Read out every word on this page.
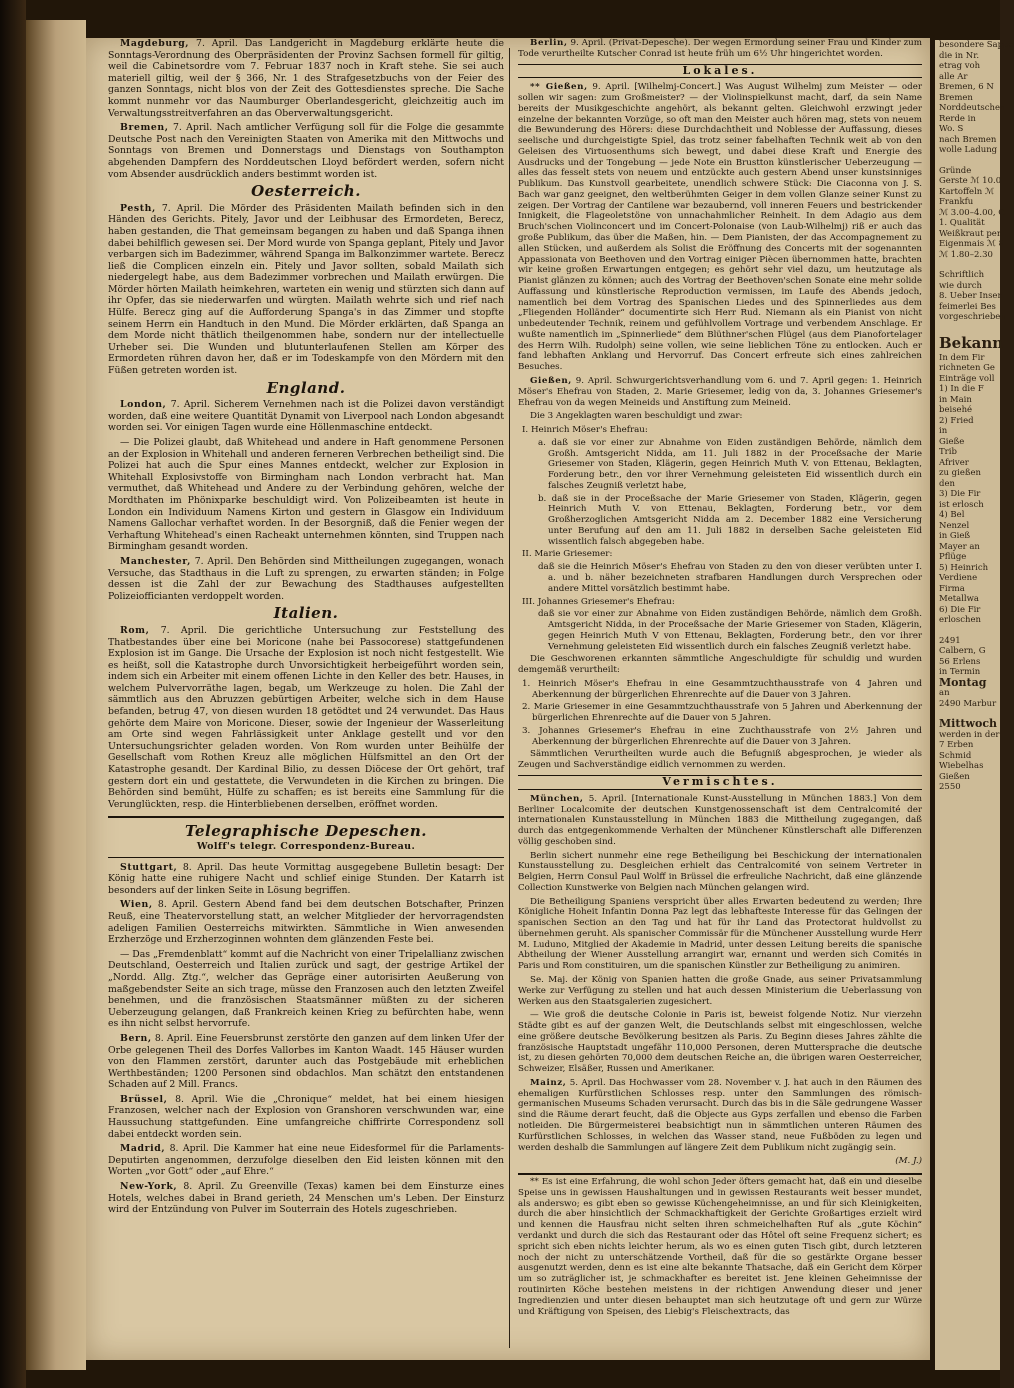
Magdeburg, 7. April. Das Landgericht in Magdeburg erklärte heute die Sonntags-Verordnung des Oberpräsidenten der Provinz Sachsen formell für giltig, weil die Cabinetsordre vom 7. Februar 1837 noch in Kraft stehe. Sie sei auch materiell giltig, weil der § 366, Nr. 1 des Strafgesetzbuchs von der Feier des ganzen Sonntags, nicht blos von der Zeit des Gottesdienstes spreche. Die Sache kommt nunmehr vor das Naumburger Oberlandesgericht, gleichzeitig auch im Verwaltungsstreitverfahren an das Oberverwaltungsgericht.

Bremen, 7. April. Nach amtlicher Verfügung soll für die Folge die gesammte Deutsche Post nach den Vereinigten Staaten von Amerika mit den Mittwochs und Sonntags von Bremen und Donnerstags und Dienstags von Southampton abgehenden Dampfern des Norddeutschen Lloyd befördert werden, sofern nicht vom Absender ausdrücklich anders bestimmt worden ist.

Oesterreich.

Pesth, 7. April. Die Mörder des Präsidenten Mailath befinden sich in den Händen des Gerichts. Pitely, Javor und der Leibhusar des Ermordeten, Berecz, haben gestanden, die That gemeinsam begangen zu haben und daß Spanga ihnen dabei behilflich gewesen sei. Der Mord wurde von Spanga geplant, Pitely und Javor verbargen sich im Badezimmer, während Spanga im Balkonzimmer wartete. Berecz ließ die Complicen einzeln ein. Pitely und Javor sollten, sobald Mailath sich niedergelegt habe, aus dem Badezimmer vorbrechen und Mailath erwürgen. Die Mörder hörten Mailath heimkehren, warteten ein wenig und stürzten sich dann auf ihr Opfer, das sie niederwarfen und würgten. Mailath wehrte sich und rief nach Hülfe. Berecz ging auf die Aufforderung Spanga's in das Zimmer und stopfte seinem Herrn ein Handtuch in den Mund. Die Mörder erklärten, daß Spanga an dem Morde nicht thätlich theilgenommen habe, sondern nur der intellectuelle Urheber sei. Die Wunden und blutunterlaufenen Stellen am Körper des Ermordeten rühren davon her, daß er im Todeskampfe von den Mördern mit den Füßen getreten worden ist.

England.

London, 7. April. Sicherem Vernehmen nach ist die Polizei davon verständigt worden, daß eine weitere Quantität Dynamit von Liverpool nach London abgesandt worden sei. Vor einigen Tagen wurde eine Höllenmaschine entdeckt.

— Die Polizei glaubt, daß Whitehead und andere in Haft genommene Personen an der Explosion in Whitehall und anderen ferneren Verbrechen betheiligt sind. Die Polizei hat auch die Spur eines Mannes entdeckt, welcher zur Explosion in Whitehall Explosivstoffe von Birmingham nach London verbracht hat. Man vermuthet, daß Whitehead und Andere zu der Verbindung gehören, welche der Mordthaten im Phönixparke beschuldigt wird. Von Polizeibeamten ist heute in London ein Individuum Namens Kirton und gestern in Glasgow ein Individuum Namens Gallochar verhaftet worden. In der Besorgniß, daß die Fenier wegen der Verhaftung Whitehead's einen Racheakt unternehmen könnten, sind Truppen nach Birmingham gesandt worden.

Manchester, 7. April. Den Behörden sind Mittheilungen zugegangen, wonach Versuche, das Stadthaus in die Luft zu sprengen, zu erwarten ständen; in Folge dessen ist die Zahl der zur Bewachung des Stadthauses aufgestellten Polizeiofficianten verdoppelt worden.

Italien.

Rom, 7. April. Die gerichtliche Untersuchung zur Feststellung des Thatbestandes über eine bei Moricone (nahe bei Passocorese) stattgefundenen Explosion ist im Gange. Die Ursache der Explosion ist noch nicht festgestellt. Wie es heißt, soll die Katastrophe durch Unvorsichtigkeit herbeigeführt worden sein, indem sich ein Arbeiter mit einem offenen Lichte in den Keller des betr. Hauses, in welchem Pulvervorräthe lagen, begab, um Werkzeuge zu holen. Die Zahl der sämmtlich aus den Abruzzen gebürtigen Arbeiter, welche sich in dem Hause befanden, betrug 47, von diesen wurden 18 getödtet und 24 verwundet. Das Haus gehörte dem Maire von Moricone. Dieser, sowie der Ingenieur der Wasserleitung am Orte sind wegen Fahrlässigkeit unter Anklage gestellt und vor den Untersuchungsrichter geladen worden. Von Rom wurden unter Beihülfe der Gesellschaft vom Rothen Kreuz alle möglichen Hülfsmittel an den Ort der Katastrophe gesandt. Der Kardinal Bilio, zu dessen Diöcese der Ort gehört, traf gestern dort ein und gestattete, die Verwundeten in die Kirchen zu bringen. Die Behörden sind bemüht, Hülfe zu schaffen; es ist bereits eine Sammlung für die Verunglückten, resp. die Hinterbliebenen derselben, eröffnet worden.

Telegraphische Depeschen.
Wolff's telegr. Correspondenz-Bureau.

Stuttgart, 8. April. Das heute Vormittag ausgegebene Bulletin besagt: Der König hatte eine ruhigere Nacht und schlief einige Stunden. Der Katarrh ist besonders auf der linken Seite in Lösung begriffen.

Wien, 8. April. Gestern Abend fand bei dem deutschen Botschafter, Prinzen Reuß, eine Theatervorstellung statt, an welcher Mitglieder der hervorragendsten adeligen Familien Oesterreichs mitwirkten. Sämmtliche in Wien anwesenden Erzherzöge und Erzherzoginnen wohnten dem glänzenden Feste bei.

— Das „Fremdenblatt“ kommt auf die Nachricht von einer Tripelallianz zwischen Deutschland, Oesterreich und Italien zurück und sagt, der gestrige Artikel der „Nordd. Allg. Ztg.“, welcher das Gepräge einer autorisirten Aeußerung von maßgebendster Seite an sich trage, müsse den Franzosen auch den letzten Zweifel benehmen, und die französischen Staatsmänner müßten zu der sicheren Ueberzeugung gelangen, daß Frankreich keinen Krieg zu befürchten habe, wenn es ihn nicht selbst hervorrufe.

Bern, 8. April. Eine Feuersbrunst zerstörte den ganzen auf dem linken Ufer der Orbe gelegenen Theil des Dorfes Vallorbes im Kanton Waadt. 145 Häuser wurden von den Flammen zerstört, darunter auch das Postgebäude mit erheblichen Werthbeständen; 1200 Personen sind obdachlos. Man schätzt den entstandenen Schaden auf 2 Mill. Francs.

Brüssel, 8. April. Wie die „Chronique“ meldet, hat bei einem hiesigen Franzosen, welcher nach der Explosion von Granshoren verschwunden war, eine Haussuchung stattgefunden. Eine umfangreiche chiffrirte Correspondenz soll dabei entdeckt worden sein.

Madrid, 8. April. Die Kammer hat eine neue Eidesformel für die Parlaments-Deputirten angenommen, derzufolge dieselben den Eid leisten können mit den Worten „vor Gott“ oder „auf Ehre.“

New-York, 8. April. Zu Greenville (Texas) kamen bei dem Einsturze eines Hotels, welches dabei in Brand gerieth, 24 Menschen um's Leben. Der Einsturz wird der Entzündung von Pulver im Souterrain des Hotels zugeschrieben.

Berlin, 9. April. (Privat-Depesche). Der wegen Ermordung seiner Frau und Kinder zum Tode verurtheilte Kutscher Conrad ist heute früh um 6½ Uhr hingerichtet worden.

Lokales.

** Gießen, 9. April. [Wilhelmj-Concert.] Was August Wilhelmj zum Meister — oder sollen wir sagen: zum Großmeister? — der Violinspielkunst macht, darf, da sein Name bereits der Musikgeschichte angehört, als bekannt gelten. Gleichwohl erzwingt jeder einzelne der bekannten Vorzüge, so oft man den Meister auch hören mag, stets von neuem die Bewunderung des Hörers: diese Durchdachtheit und Noblesse der Auffassung, dieses seelische und durchgeistigte Spiel, das trotz seiner fabelhaften Technik weit ab von den Geleisen des Virtuosenthums sich bewegt, und dabei diese Kraft und Energie des Ausdrucks und der Tongebung — jede Note ein Brustton künstlerischer Ueberzeugung — alles das fesselt stets von neuem und entzückte auch gestern Abend unser kunstsinniges Publikum. Das Kunstvoll gearbeitete, unendlich schwere Stück: Die Ciaconna von J. S. Bach war ganz geeignet, den weltberühmten Geiger in dem vollen Glanze seiner Kunst zu zeigen. Der Vortrag der Cantilene war bezaubernd, voll inneren Feuers und bestrickender Innigkeit, die Flageoletstöne von unnachahmlicher Reinheit. In dem Adagio aus dem Bruch'schen Violinconcert und im Concert-Polonaise (von Laub-Wilhelmj) riß er auch das große Publikum, das über die Maßen, hin. — Dem Pianisten, der das Accompagnement zu allen Stücken, und außerdem als Solist die Eröffnung des Concerts mit der sogenannten Appassionata von Beethoven und den Vortrag einiger Piècen übernommen hatte, brachten wir keine großen Erwartungen entgegen; es gehört sehr viel dazu, um heutzutage als Pianist glänzen zu können; auch des Vortrag der Beethoven'schen Sonate eine mehr solide Auffassung und künstlerische Reproduction vermissen, im Laufe des Abends jedoch, namentlich bei dem Vortrag des Spanischen Liedes und des Spinnerliedes aus dem „Fliegenden Holländer“ documentirte sich Herr Rud. Niemann als ein Pianist von nicht unbedeutender Technik, reinem und gefühlvollem Vortrage und verbendem Anschlage. Er wußte namentlich im „Spinnerliede“ dem Blüthner'schen Flügel (aus dem Pianofortelager des Herrn Wilh. Rudolph) seine vollen, wie seine lieblichen Töne zu entlocken. Auch er fand lebhaften Anklang und Hervorruf. Das Concert erfreute sich eines zahlreichen Besuches.

Gießen, 9. April. Schwurgerichtsverhandlung vom 6. und 7. April gegen: 1. Heinrich Möser's Ehefrau von Staden, 2. Marie Griesemer, ledig von da, 3. Johannes Griesemer's Ehefrau von da wegen Meineids und Anstiftung zum Meineid.

Die 3 Angeklagten waren beschuldigt und zwar:

I. Heinrich Möser's Ehefrau:
a. daß sie vor einer zur Abnahme von Eiden zuständigen Behörde, nämlich dem Großh. Amtsgericht Nidda, am 11. Juli 1882 in der Proceßsache der Marie Griesemer von Staden, Klägerin, gegen Heinrich Muth V. von Ettenau, Beklagten, Forderung betr., den vor ihrer Vernehmung geleisteten Eid wissentlich durch ein falsches Zeugniß verletzt habe,
b. daß sie in der Proceßsache der Marie Griesemer von Staden, Klägerin, gegen Heinrich Muth V. von Ettenau, Beklagten, Forderung betr., vor dem Großherzoglichen Amtsgericht Nidda am 2. December 1882 eine Versicherung unter Berufung auf den am 11. Juli 1882 in derselben Sache geleisteten Eid wissentlich falsch abgegeben habe.
II. Marie Griesemer:
daß sie die Heinrich Möser's Ehefrau von Staden zu den von dieser verübten unter I. a. und b. näher bezeichneten strafbaren Handlungen durch Versprechen oder andere Mittel vorsätzlich bestimmt habe.
III. Johannes Griesemer's Ehefrau:
daß sie vor einer zur Abnahme von Eiden zuständigen Behörde, nämlich dem Großh. Amtsgericht Nidda, in der Proceßsache der Marie Griesemer von Staden, Klägerin, gegen Heinrich Muth V von Ettenau, Beklagten, Forderung betr., den vor ihrer Vernehmung geleisteten Eid wissentlich durch ein falsches Zeugniß verletzt habe.

Die Geschworenen erkannten sämmtliche Angeschuldigte für schuldig und wurden demgemäß verurtheilt:

1. Heinrich Möser's Ehefrau in eine Gesammtzuchthausstrafe von 4 Jahren und Aberkennung der bürgerlichen Ehrenrechte auf die Dauer von 3 Jahren.
2. Marie Griesemer in eine Gesammtzuchthausstrafe von 5 Jahren und Aberkennung der bürgerlichen Ehrenrechte auf die Dauer von 5 Jahren.
3. Johannes Griesemer's Ehefrau in eine Zuchthausstrafe von 2½ Jahren und Aberkennung der bürgerlichen Ehrenrechte auf die Dauer von 3 Jahren.

Sämmtlichen Verurtheilten wurde auch die Befugniß abgesprochen, je wieder als Zeugen und Sachverständige eidlich vernommen zu werden.

Vermischtes.

München, 5. April. [Internationale Kunst-Ausstellung in München 1883.] Von dem Berliner Localcomite der deutschen Kunstgenossenschaft ist dem Centralcomité der internationalen Kunstausstellung in München 1883 die Mittheilung zugegangen, daß durch das entgegenkommende Verhalten der Münchener Künstlerschaft alle Differenzen völlig geschoben sind.

Berlin sichert nunmehr eine rege Betheiligung bei Beschickung der internationalen Kunstausstellung zu. Desgleichen erhielt das Centralcomité von seinem Vertreter in Belgien, Herrn Consul Paul Wolff in Brüssel die erfreuliche Nachricht, daß eine glänzende Collection Kunstwerke von Belgien nach München gelangen wird.

Die Betheiligung Spaniens verspricht über alles Erwarten bedeutend zu werden; Ihre Königliche Hoheit Infantin Donna Paz legt das lebhafteste Interesse für das Gelingen der spanischen Section an den Tag und hat für ihr Land das Protectorat huldvollst zu übernehmen geruht. Als spanischer Commissär für die Münchener Ausstellung wurde Herr M. Luduno, Mitglied der Akademie in Madrid, unter dessen Leitung bereits die spanische Abtheilung der Wiener Ausstellung arrangirt war, ernannt und werden sich Comités in Paris und Rom constituiren, um die spanischen Künstler zur Betheiligung zu animiren.

Se. Maj. der König von Spanien hatten die große Gnade, aus seiner Privatsammlung Werke zur Verfügung zu stellen und hat auch dessen Ministerium die Ueberlassung von Werken aus den Staatsgalerien zugesichert.

— Wie groß die deutsche Colonie in Paris ist, beweist folgende Notiz. Nur vierzehn Städte gibt es auf der ganzen Welt, die Deutschlands selbst mit eingeschlossen, welche eine größere deutsche Bevölkerung besitzen als Paris. Zu Beginn dieses Jahres zählte die französische Hauptstadt ungefähr 110,000 Personen, deren Muttersprache die deutsche ist, zu diesen gehörten 70,000 dem deutschen Reiche an, die übrigen waren Oesterreicher, Schweizer, Elsäßer, Russen und Amerikaner.

Mainz, 5. April. Das Hochwasser vom 28. November v. J. hat auch in den Räumen des ehemaligen Kurfürstlichen Schlosses resp. unter den Sammlungen des römisch-germanischen Museums Schaden verursacht. Durch das bis in die Säle gedrungene Wasser sind die Räume derart feucht, daß die Objecte aus Gyps zerfallen und ebenso die Farben notleiden. Die Bürgermeisterei beabsichtigt nun in sämmtlichen unteren Räumen des Kurfürstlichen Schlosses, in welchen das Wasser stand, neue Fußböden zu legen und werden deshalb die Sammlungen auf längere Zeit dem Publikum nicht zugängig sein.

(M. J.)

** Es ist eine Erfahrung, die wohl schon Jeder öfters gemacht hat, daß ein und dieselbe Speise uns in gewissen Haushaltungen und in gewissen Restaurants weit besser mundet, als anderswo; es gibt eben so gewisse Küchengeheimnisse, an und für sich Kleinigkeiten, durch die aber hinsichtlich der Schmackhaftigkeit der Gerichte Großartiges erzielt wird und kennen die Hausfrau nicht selten ihren schmeichelhaften Ruf als „gute Köchin“ verdankt und durch die sich das Restaurant oder das Hôtel oft seine Frequenz sichert; es spricht sich eben nichts leichter herum, als wo es einen guten Tisch gibt, durch letzteren noch der nicht zu unterschätzende Vortheil, daß für die so gestärkte Organe besser ausgenutzt werden, denn es ist eine alte bekannte Thatsache, daß ein Gericht dem Körper um so zuträglicher ist, je schmackhafter es bereitet ist. Jene kleinen Geheimnisse der routinirten Köche bestehen meistens in der richtigen Anwendung dieser und jener Ingredienzien und unter diesen behauptet man sich heutzutage oft und gern zur Würze und Kräftigung von Speisen, des Liebig's Fleischextracts, das

besondere Sappe
die in Nr.
etrag voh
alle Ar
Bremen, 6 N
Bremen
Norddeutschen
Rerde in
Wo. S
nach Bremen
wolle Ladung
Gründe
Gerste ℳ 10.0
Kartoffeln ℳ
Frankfu
ℳ 3.00–4.00, G
1. Qualität
Weißkraut per
Eigenmais ℳ 8
ℳ 1.80–2.30
Schriftlich
wie durch
8. Ueber Inser
feimerlei Bes
vorgeschrieben
Bekann
In dem Fir
richneten Ge
Einträge voll
1) In die F
in Main
beisehé
2) Fried
in
Gieße
Trib
Afriver
zu gießen
den
3) Die Fir
ist erlosch
4) Bel
Nenzel
in Gieß
Mayer an
Pflüge
5) Heinrich
Verdiene
Firma
Metallwa
6) Die Fir
erloschen
2491
Calbern, G
56 Erlens
in Termin
Montag
an
2490 Marbur
Mittwoch
werden in der
7 Erben
Schmid
Wiebelhas
Gießen
2550
